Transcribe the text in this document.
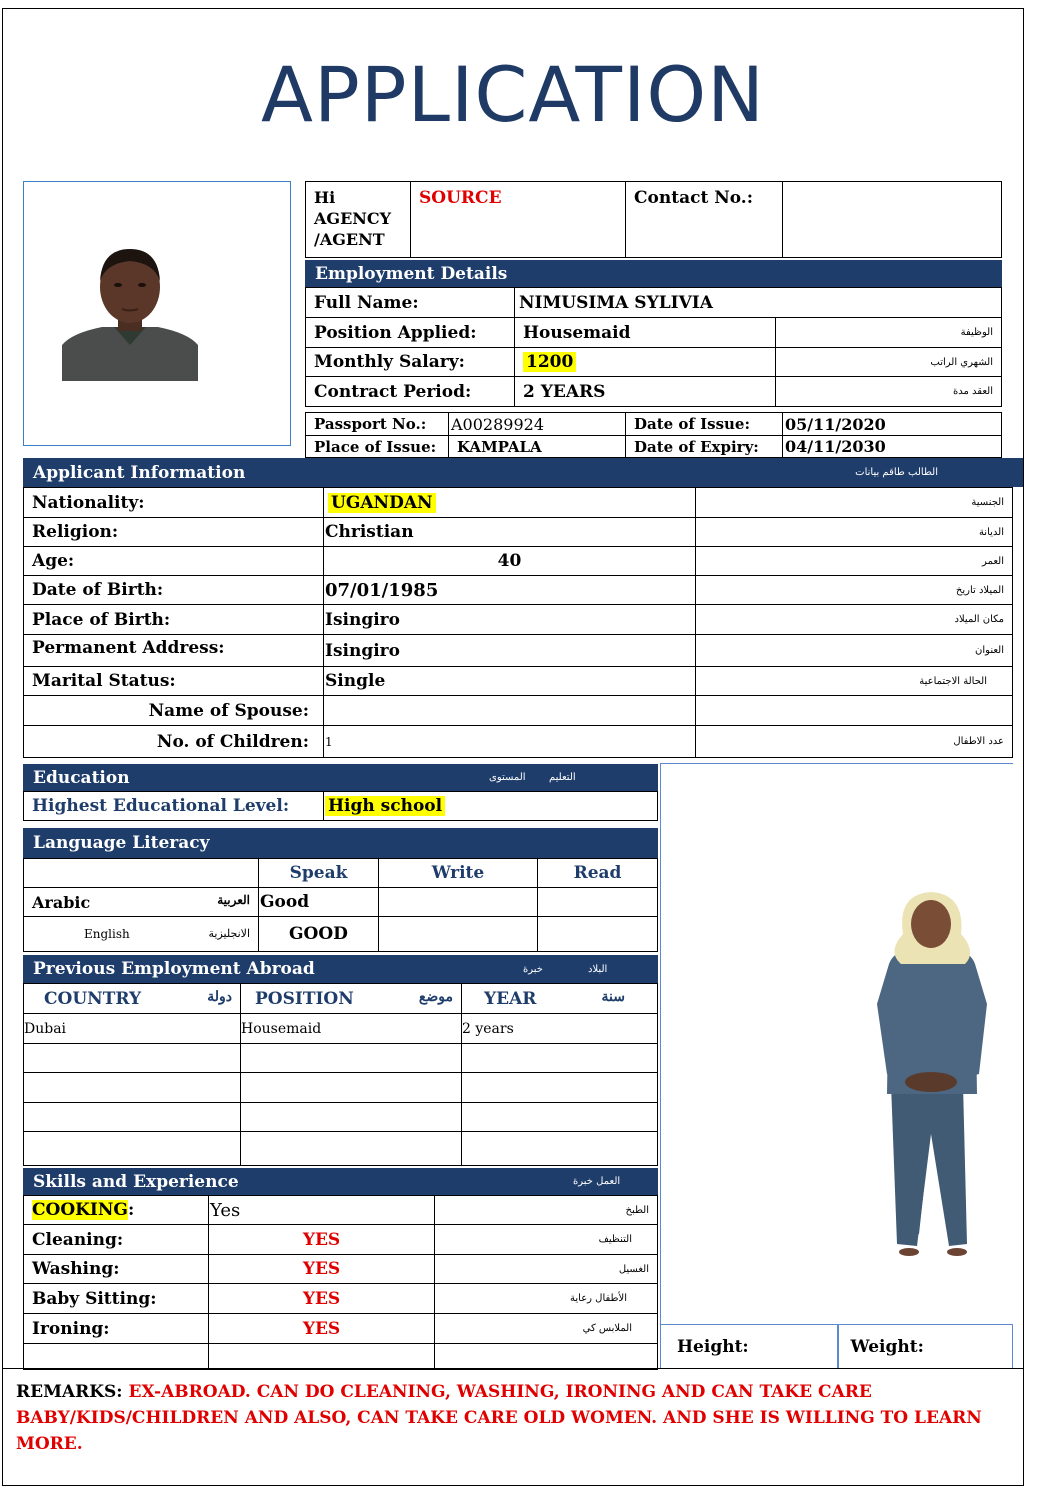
APPLICATION
Hi AGENCY /AGENT	SOURCE	Contact No.:	
Employment Details
Full Name:	NIMUSIMA SYLIVIA	
Position Applied:	Housemaid	الوظيفة
Monthly Salary:	1200	الشهري الراتب
Contract Period:	2 YEARS	العقد مدة
Passport No.:	A00289924	Date of Issue:	05/11/2020
Place of Issue:	KAMPALA	Date of Expiry:	04/11/2030
Applicant Information	الطالب طاقم بيانات
Nationality:	UGANDAN	الجنسية
Religion:	Christian	الديانة
Age:	40	العمر
Date of Birth:	07/01/1985	الميلاد تاريخ
Place of Birth:	Isingiro	مكان الميلاد
Permanent Address:	Isingiro	العنوان
Marital Status:	Single	الحالة الاجتماعية
Name of Spouse:		
No. of Children:	1	عدد الاطفال
Education	المستوى	التعليم
Highest Educational Level:	High school
Language Literacy
	Speak	Write	Read
Arabic العربية	Good		
English الانجليزية	GOOD		
Previous Employment Abroad	خبرة	البلاد
COUNTRY دولة	POSITION موضع	YEAR سنة

Dubai	Housemaid	2 years

Skills and Experience	العمل خبرة
COOKING:	Yes	الطبخ
Cleaning:	YES	التنظيف
Washing:	YES	الغسيل
Baby Sitting:	YES	الأطفال رعاية
Ironing:	YES	الملابس كي

Height:	Weight:
REMARKS: EX-ABROAD. CAN DO CLEANING, WASHING, IRONING AND CAN TAKE CARE
BABY/KIDS/CHILDREN AND ALSO, CAN TAKE CARE OLD WOMEN. AND SHE IS WILLING TO LEARN MORE.
